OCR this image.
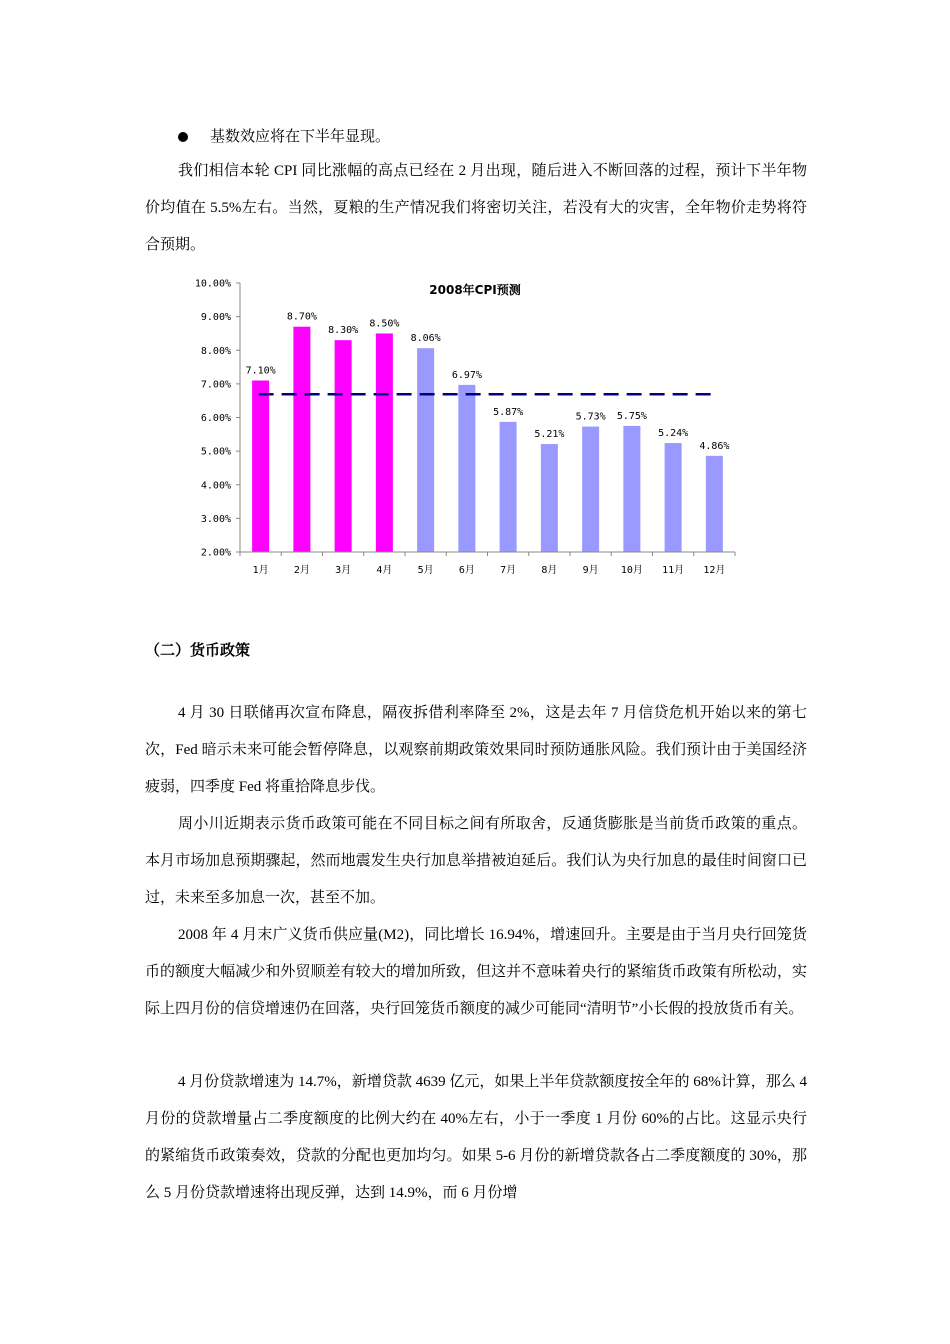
基数效应将在下半年显现。

我们相信本轮 CPI 同比涨幅的高点已经在 2 月出现，随后进入不断回落的过程，预计下半年物价均值在 5.5%左右。当然，夏粮的生产情况我们将密切关注，若没有大的灾害，全年物价走势将符合预期。

2008年CPI预测
2.00%
3.00%
4.00%
5.00%
6.00%
7.00%
8.00%
9.00%
10.00%
7.10%
8.70%
8.30%
8.50%
8.06%
6.97%
5.87%
5.21%
5.73% 5.75%
5.24%
4.86%
1月	2月	3月	4月	5月	6月	7月	8月	9月 10月 11月 12月
（二）货币政策

4 月 30 日联储再次宣布降息，隔夜拆借利率降至 2%，这是去年 7 月信贷危机开始以来的第七次，Fed 暗示未来可能会暂停降息，以观察前期政策效果同时预防通胀风险。我们预计由于美国经济疲弱，四季度 Fed 将重拾降息步伐。

周小川近期表示货币政策可能在不同目标之间有所取舍，反通货膨胀是当前货币政策的重点。本月市场加息预期骤起，然而地震发生央行加息举措被迫延后。我们认为央行加息的最佳时间窗口已过，未来至多加息一次，甚至不加。

2008 年 4 月末广义货币供应量(M2)，同比增长 16.94%，增速回升。主要是由于当月央行回笼货币的额度大幅减少和外贸顺差有较大的增加所致，但这并不意味着央行的紧缩货币政策有所松动，实际上四月份的信贷增速仍在回落，央行回笼货币额度的减少可能同“清明节”小长假的投放货币有关。

4 月份贷款增速为 14.7%，新增贷款 4639 亿元，如果上半年贷款额度按全年的 68%计算，那么 4 月份的贷款增量占二季度额度的比例大约在 40%左右，小于一季度 1 月份 60%的占比。这显示央行的紧缩货币政策奏效，贷款的分配也更加均匀。如果 5-6 月份的新增贷款各占二季度额度的 30%，那么 5 月份贷款增速将出现反弹，达到 14.9%，而 6 月份增
